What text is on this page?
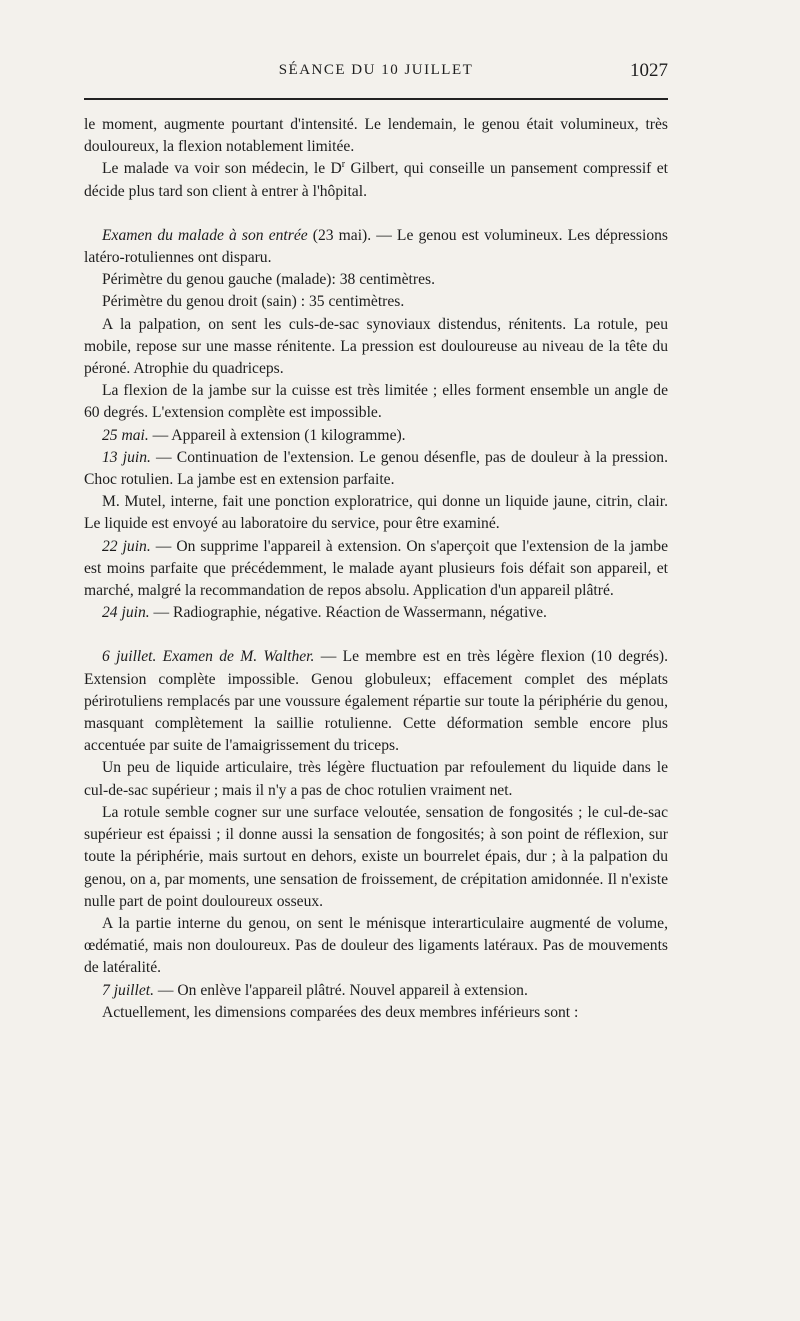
SÉANCE DU 10 JUILLET	1027

le moment, augmente pourtant d'intensité. Le lendemain, le genou était volumineux, très douloureux, la flexion notablement limitée.

Le malade va voir son médecin, le $D^r$ Gilbert, qui conseille un pansement compressif et décide plus tard son client à entrer à l'hôpital.

Examen du malade à son entrée (23 mai). — Le genou est volumineux. Les dépressions latéro-rotuliennes ont disparu.

Périmètre du genou gauche (malade): 38 centimètres.

Périmètre du genou droit (sain) : 35 centimètres.

A la palpation, on sent les culs-de-sac synoviaux distendus, rénitents. La rotule, peu mobile, repose sur une masse rénitente. La pression est douloureuse au niveau de la tête du péroné. Atrophie du quadriceps.

La flexion de la jambe sur la cuisse est très limitée ; elles forment ensemble un angle de 60 degrés. L'extension complète est impossible.

25 mai. — Appareil à extension (1 kilogramme).

13 juin. — Continuation de l'extension. Le genou désenfle, pas de douleur à la pression. Choc rotulien. La jambe est en extension parfaite.

M. Mutel, interne, fait une ponction exploratrice, qui donne un liquide jaune, citrin, clair. Le liquide est envoyé au laboratoire du service, pour être examiné.

22 juin. — On supprime l'appareil à extension. On s'aperçoit que l'extension de la jambe est moins parfaite que précédemment, le malade ayant plusieurs fois défait son appareil, et marché, malgré la recommandation de repos absolu. Application d'un appareil plâtré.

24 juin. — Radiographie, négative. Réaction de Wassermann, négative.

6 juillet. Examen de M. Walther. — Le membre est en très légère flexion (10 degrés). Extension complète impossible. Genou globuleux; effacement complet des méplats périrotuliens remplacés par une voussure également répartie sur toute la périphérie du genou, masquant complètement la saillie rotulienne. Cette déformation semble encore plus accentuée par suite de l'amaigrissement du triceps.

Un peu de liquide articulaire, très légère fluctuation par refoulement du liquide dans le cul-de-sac supérieur ; mais il n'y a pas de choc rotulien vraiment net.

La rotule semble cogner sur une surface veloutée, sensation de fongosités ; le cul-de-sac supérieur est épaissi ; il donne aussi la sensation de fongosités; à son point de réflexion, sur toute la périphérie, mais surtout en dehors, existe un bourrelet épais, dur ; à la palpation du genou, on a, par moments, une sensation de froissement, de crépitation amidonnée. Il n'existe nulle part de point douloureux osseux.

A la partie interne du genou, on sent le ménisque interarticulaire augmenté de volume, œdématié, mais non douloureux. Pas de douleur des ligaments latéraux. Pas de mouvements de latéralité.

7 juillet. — On enlève l'appareil plâtré. Nouvel appareil à extension.

Actuellement, les dimensions comparées des deux membres inférieurs sont :
